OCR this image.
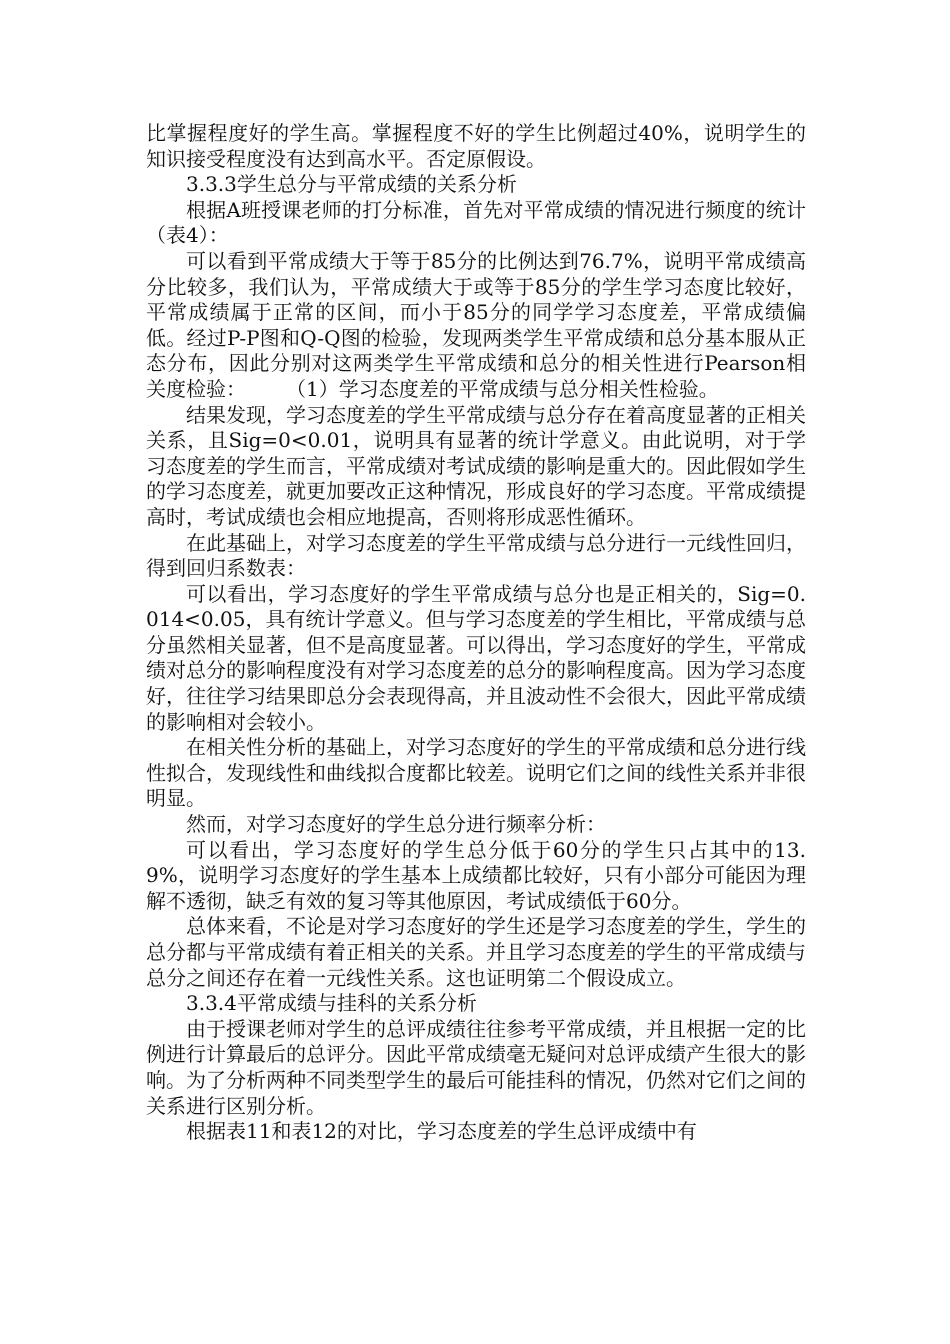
比掌握程度好的学生高。掌握程度不好的学生比例超过40%，说明学生的知识接受程度没有达到高水平。否定原假设。

3.3.3学生总分与平常成绩的关系分析

根据A班授课老师的打分标准，首先对平常成绩的情况进行频度的统计（表4）：

可以看到平常成绩大于等于85分的比例达到76.7%，说明平常成绩高分比较多，我们认为，平常成绩大于或等于85分的学生学习态度比较好，平常成绩属于正常的区间，而小于85分的同学学习态度差，平常成绩偏低。经过P-P图和Q-Q图的检验，发现两类学生平常成绩和总分基本服从正态分布，因此分别对这两类学生平常成绩和总分的相关性进行Pearson相关度检验：　　　（1）学习态度差的平常成绩与总分相关性检验。

结果发现，学习态度差的学生平常成绩与总分存在着高度显著的正相关关系，且Sig=0<0.01，说明具有显著的统计学意义。由此说明，对于学习态度差的学生而言，平常成绩对考试成绩的影响是重大的。因此假如学生的学习态度差，就更加要改正这种情况，形成良好的学习态度。平常成绩提高时，考试成绩也会相应地提高，否则将形成恶性循环。

在此基础上，对学习态度差的学生平常成绩与总分进行一元线性回归，得到回归系数表：

可以看出，学习态度好的学生平常成绩与总分也是正相关的，Sig=0.014<0.05，具有统计学意义。但与学习态度差的学生相比，平常成绩与总分虽然相关显著，但不是高度显著。可以得出，学习态度好的学生，平常成绩对总分的影响程度没有对学习态度差的总分的影响程度高。因为学习态度好，往往学习结果即总分会表现得高，并且波动性不会很大，因此平常成绩的影响相对会较小。

在相关性分析的基础上，对学习态度好的学生的平常成绩和总分进行线性拟合，发现线性和曲线拟合度都比较差。说明它们之间的线性关系并非很明显。

然而，对学习态度好的学生总分进行频率分析：

可以看出，学习态度好的学生总分低于60分的学生只占其中的13.9%，说明学习态度好的学生基本上成绩都比较好，只有小部分可能因为理解不透彻，缺乏有效的复习等其他原因，考试成绩低于60分。

总体来看，不论是对学习态度好的学生还是学习态度差的学生，学生的总分都与平常成绩有着正相关的关系。并且学习态度差的学生的平常成绩与总分之间还存在着一元线性关系。这也证明第二个假设成立。

3.3.4平常成绩与挂科的关系分析

由于授课老师对学生的总评成绩往往参考平常成绩，并且根据一定的比例进行计算最后的总评分。因此平常成绩毫无疑问对总评成绩产生很大的影响。为了分析两种不同类型学生的最后可能挂科的情况，仍然对它们之间的关系进行区别分析。

根据表11和表12的对比，学习态度差的学生总评成绩中有
